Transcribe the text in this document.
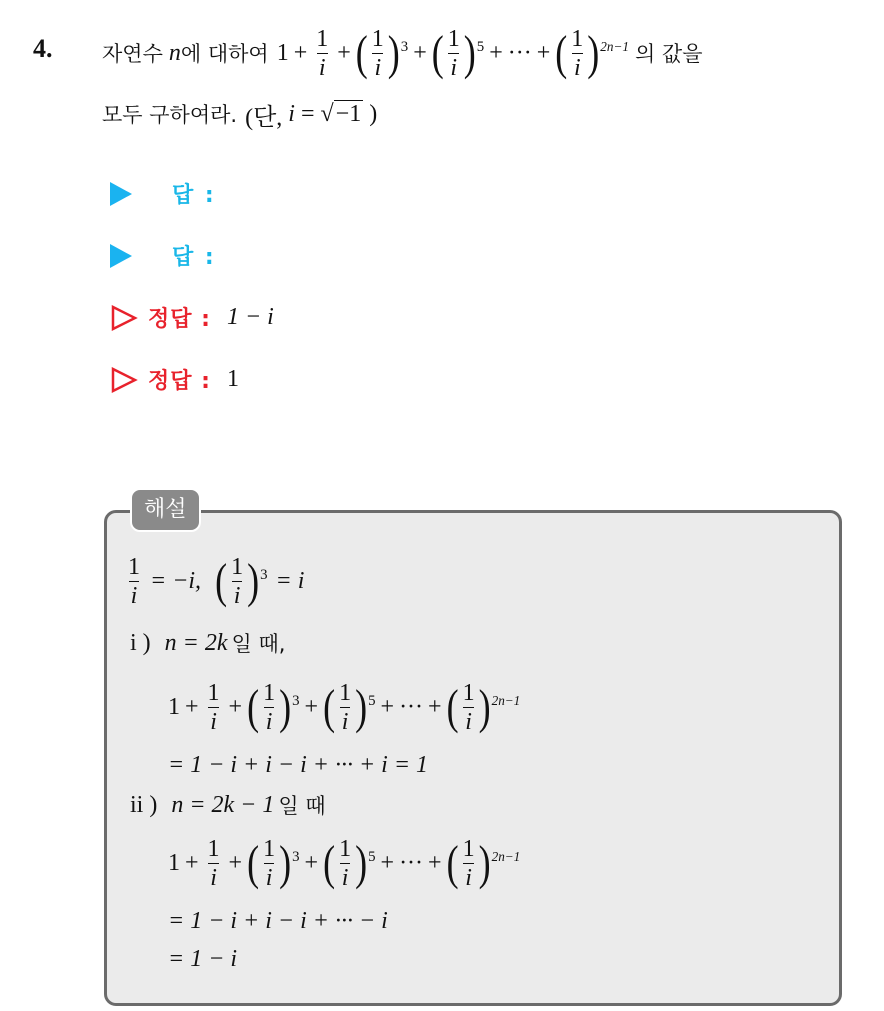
4. 자연수 n 에 대하여 $1 + \frac{1}{i}$ + ( $\frac{1}{i}$ ) 3 + ( $\frac{1}{i}$ ) 5 + ··· + ( $\frac{1}{i}$ ) 2n−1 의 값을
모두 구하여라. (단, i = √−1 )
답 :
답 :
정답 : 1 − i
정답 : 1
해설
$\frac{1}{i} = -i$, ( $\frac{1}{i}$ ) 3 = i
i ) n = 2k 일 때,
$1 + \frac{1}{i}$ + ( $\frac{1}{i}$ ) 3 + ( $\frac{1}{i}$ ) 5 + ··· + ( $\frac{1}{i}$ ) 2n−1
= 1 − i + i − i + ··· + i = 1
ii ) n = 2k − 1 일 때
$1 + \frac{1}{i}$ + ( $\frac{1}{i}$ ) 3 + ( $\frac{1}{i}$ ) 5 + ··· + ( $\frac{1}{i}$ ) 2n−1
= 1 − i + i − i + ··· − i
= 1 − i
